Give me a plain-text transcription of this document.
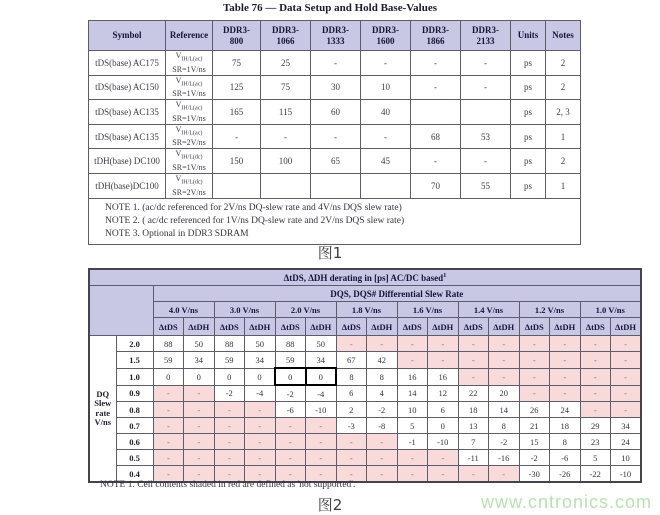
Table 76 — Data Setup and Hold Base-Values
Symbol	Reference	DDR3-
800	DDR3-
1066	DDR3-
1333	DDR3-
1600	DDR3-
1866	DDR3-
2133	Units	Notes
tDS(base) AC175	$V_{IH/L(ac)}$
SR=1V/ns	75	25	-	-	-	-	ps	2
tDS(base) AC150	$V_{IH/L(ac)}$
SR=1V/ns	125	75	30	10	-	-	ps	2
tDS(base) AC135	$V_{IH/L(ac)}$
SR=1V/ns	165	115	60	40			ps	2, 3
tDS(base) AC135	$V_{IH/L(ac)}$
SR=2V/ns	-	-	-	-	68	53	ps	1
tDH(base) DC100	$V_{IH/L(dc)}$
SR=1V/ns	150	100	65	45	-	-	ps	2
tDH(base)DC100	$V_{IH/L(dc)}$
SR=2V/ns					70	55	ps	1

NOTE 1. (ac/dc referenced for 2V/ns DQ-slew rate and 4V/ns DQS slew rate)
NOTE 2. ( ac/dc referenced for 1V/ns DQ-slew rate and 2V/ns DQS slew rate)
NOTE 3. Optional in DDR3 SDRAM									
图1
ΔtDS, ΔDH derating in [ps] AC/DC based$^1$
		DQS, DQS# Differential Slew Rate															
		4.0 V/ns		3.0 V/ns		2.0 V/ns		1.8 V/ns		1.6 V/ns		1.4 V/ns		1.2 V/ns		1.0 V/ns	
		ΔtDS	ΔtDH	ΔtDS	ΔtDH	ΔtDS	ΔtDH	ΔtDS	ΔtDH	ΔtDS	ΔtDH	ΔtDS	ΔtDH	ΔtDS	ΔtDH	ΔtDS	ΔtDH
DQ
Slew
rate
V/ns	2.0	88	50	88	50	88	50	-	-	-	-	-	-	-	-	-	-
	1.5	59	34	59	34	59	34	67	42	-	-	-	-	-	-	-	-
	1.0	0	0	0	0	0	0	8	8	16	16	-	-	-	-	-	-
	0.9	-	-	-2	-4	-2	-4	6	4	14	12	22	20	-	-	-	-
	0.8	-	-	-	-	-6	-10	2	-2	10	6	18	14	26	24	-	-
	0.7	-	-	-	-	-	-	-3	-8	5	0	13	8	21	18	29	34
	0.6	-	-	-	-	-	-	-	-	-1	-10	7	-2	15	8	23	24
	0.5	-	-	-	-	-	-	-	-	-	-	-11	-16	-2	-6	5	10
	0.4	-	-	-	-	-	-	-	-	-	-	-	-	-30	-26	-22	-10
NOTE 1. Cell contents shaded in red are defined as 'not supported'.
图2	www.cntronics.com
